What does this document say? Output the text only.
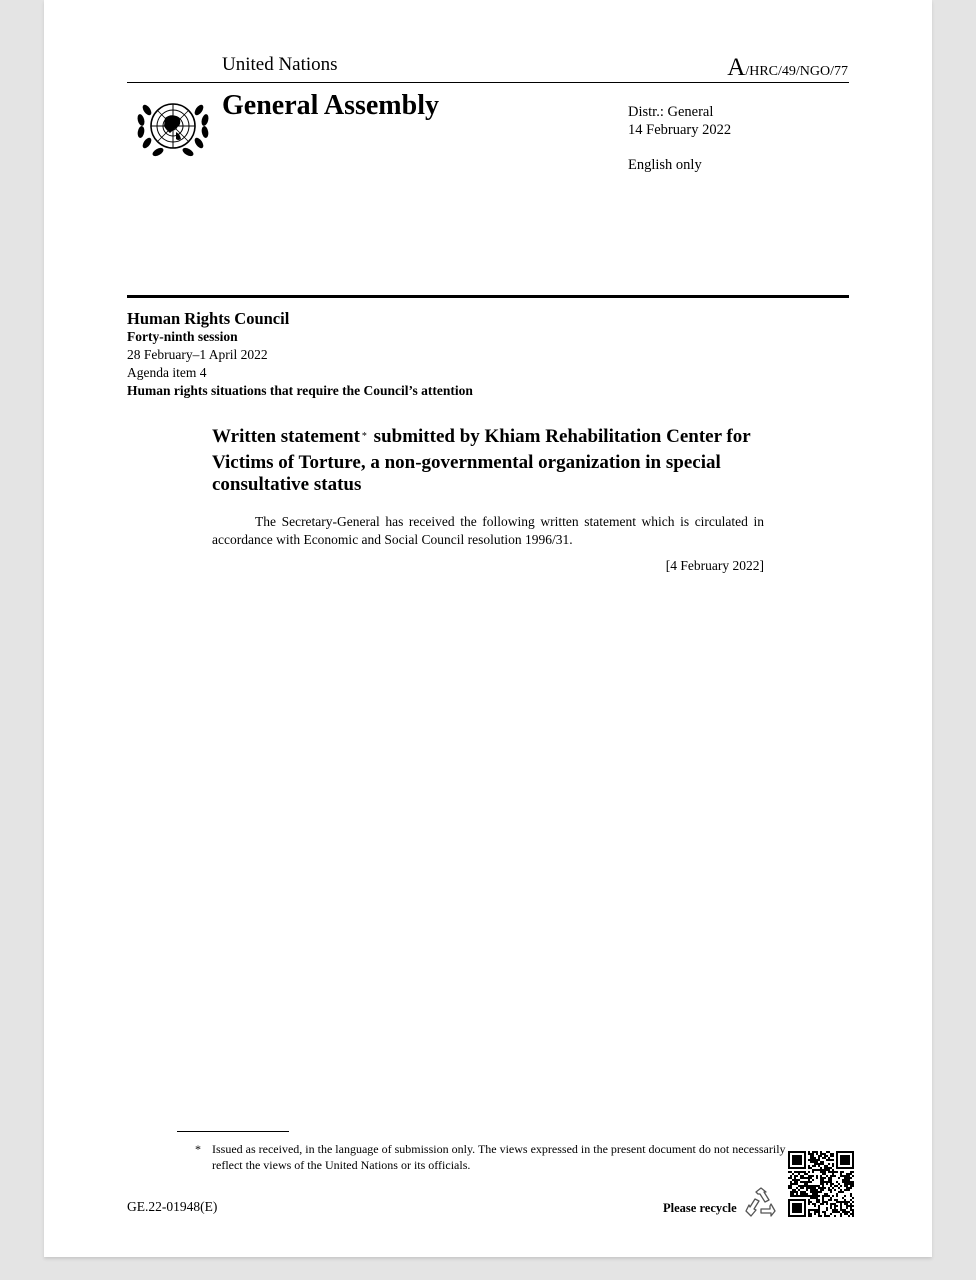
United Nations	A/HRC/49/NGO/77
General Assembly	Distr.: General
14 February 2022
English only
Human Rights Council
Forty-ninth session
28 February–1 April 2022
Agenda item 4
Human rights situations that require the Council’s attention
Written statement * submitted by Khiam Rehabilitation Center for Victims of Torture, a non-governmental organization in special consultative status
The Secretary-General has received the following written statement which is circulated in accordance with Economic and Social Council resolution 1996/31.
[4 February 2022]
* Issued as received, in the language of submission only. The views expressed in the present document do not necessarily reflect the views of the United Nations or its officials.
GE.22-01948(E)	Please recycle
